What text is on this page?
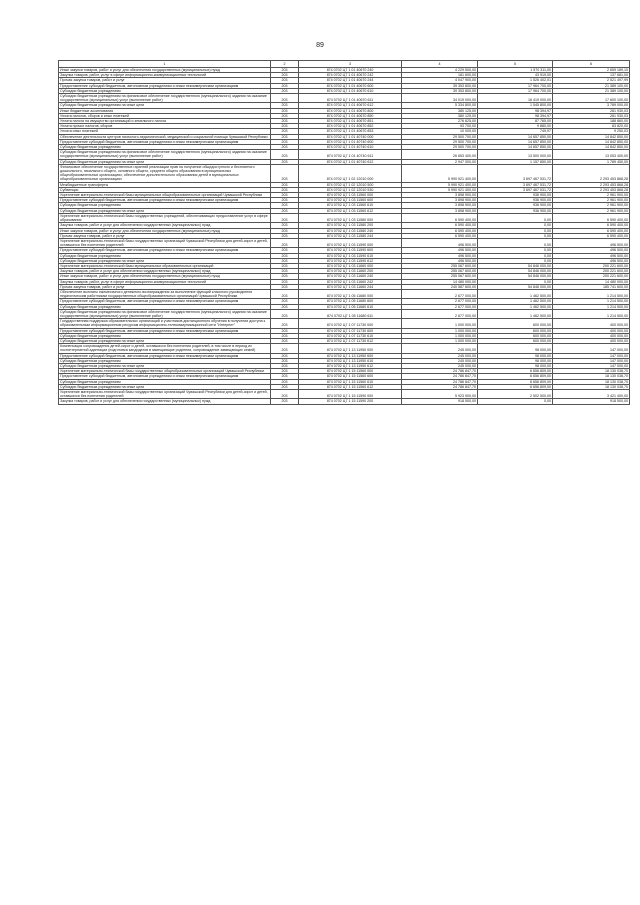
89
1	2	3	4	5	6
Иные закупки товаров, работ и услуг для обеспечения государственных (муниципальных) нужд	203	874 0702 Ц7 1 01 40670 240	4 229 500,00	1 570 311,00	2 659 189,10
Закупка товаров, работ, услуг в сфере информационно-коммуникационных технологий	203	874 0702 Ц7 1 01 40670 242	181 600,00	43 919,00	137 681,00
Прочая закупка товаров, работ и услуг	203	874 0702 Ц7 1 01 40670 244	4 047 900,00	1 526 402,01	2 521 497,99
Предоставление субсидий бюджетным, автономным учреждениям и иным некоммерческим организациям	203	874 0702 Ц7 1 01 40670 600	39 353 800,00	17 964 700,00	21 389 100,00
Субсидии бюджетным учреждениям	203	874 0702 Ц7 1 01 40670 610	39 353 800,00	17 964 700,00	21 389 100,00
Субсидии бюджетным учреждениям на финансовое обеспечение государственного (муниципального) задания на оказание государственных (муниципальных) услуг (выполнение работ)	203	874 0702 Ц7 1 01 40670 611	34 019 000,00	16 419 000,00	17 600 100,00
Субсидии бюджетным учреждениям на иные цели	203	874 0702 Ц7 1 01 40670 612	5 334 800,00	1 545 800,00	3 789 000,00
Иные бюджетные ассигнования	203	874 0702 Ц7 1 01 40670 800	380 125,00	98 394,97	281 930,03
Уплата налогов, сборов и иных платежей	203	874 0702 Ц7 1 01 40670 850	380 125,00	98 394,97	281 930,03
Уплата налога на имущество организаций и земельного налога	203	874 0702 Ц7 1 01 40670 851	276 625,00	87 765,00	188 860,00
Уплата прочих налогов, сборов	203	874 0702 Ц7 1 01 40670 852	93 700,00	9 880,00	83 820,00
Уплата иных платежей	203	874 0702 Ц7 1 01 40670 853	10 000,00	749,97	9 250,03
Обеспечение деятельности центров психолого-педагогической, медицинской и социальной помощи Чувашской Республики	203	874 0702 Ц7 1 01 40740 000	29 500 700,00	14 657 850,00	14 842 850,00
Предоставление субсидий бюджетным, автономным учреждениям и иным некоммерческим организациям	203	874 0702 Ц7 1 01 40740 600	29 500 700,00	14 657 850,00	14 842 850,00
Субсидии бюджетным учреждениям	203	874 0702 Ц7 1 01 40740 610	29 500 700,00	14 657 850,00	14 842 850,00
Субсидии бюджетным учреждениям на финансовое обеспечение государственного (муниципального) задания на оказание государственных (муниципальных) услуг (выполнение работ)	203	874 0702 Ц7 1 01 40740 611	26 653 400,00	13 500 000,00	13 053 400,00
Субсидии бюджетным учреждениям на иные цели	203	874 0702 Ц7 1 01 40740 612	2 947 300,00	1 157 850,00	1 789 450,00
Финансовое обеспечение государственных гарантий реализации прав на получение общедоступного и бесплатного дошкольного, начального общего, основного общего, среднего общего образования в муниципальных общеобразовательных организациях, обеспечение дополнительного образования детей в муниципальных общеобразовательных организациях	203	874 0702 Ц7 1 02 12010 000	5 990 921 400,00	3 697 467 531,72	2 293 453 868,28
Межбюджетные трансферты	203	874 0702 Ц7 1 02 12010 500	5 990 921 400,00	3 697 467 531,72	2 293 453 868,28
Субвенции	203	874 0702 Ц7 1 02 12010 530	5 990 921 400,00	3 697 467 531,72	2 293 453 868,28
Укрепление материально-технической базы муниципальных общеобразовательных организаций Чувашской Республики	203	874 0702 Ц7 1 03 11560 000	3 898 900,00	936 900,00	2 961 900,00
Предоставление субсидий бюджетным, автономным учреждениям и иным некоммерческим организациям	203	874 0702 Ц7 1 03 11560 600	3 898 900,00	936 900,00	2 961 900,00
Субсидии бюджетным учреждениям	203	874 0702 Ц7 1 03 11560 610	3 898 900,00	936 900,00	2 961 900,00
Субсидии бюджетным учреждениям на иные цели	203	874 0702 Ц7 1 03 11560 612	3 898 900,00	936 900,00	2 961 900,00
Укрепление материально-технической базы государственных учреждений, обеспечивающих предоставление услуг в сфере образования	203	874 0702 Ц7 1 03 11580 000	6 590 400,00	0,00	6 590 400,00
Закупка товаров, работ и услуг для обеспечения государственных (муниципальных) нужд	203	874 0702 Ц7 1 03 11580 200	6 590 400,00	0,00	6 590 400,00
Иные закупки товаров, работ и услуг для обеспечения государственных (муниципальных) нужд	203	874 0702 Ц7 1 03 11580 240	6 590 400,00	0,00	6 590 400,00
Прочая закупка товаров, работ и услуг	203	874 0702 Ц7 1 03 11580 244	6 590 400,00	0,00	6 590 400,00
Укрепление материально-технической базы государственных организаций Чувашской Республики для детей-сирот и детей, оставшихся без попечения родителей	203	874 0702 Ц7 1 03 11590 000	496 500,00	0,00	496 500,00
Предоставление субсидий бюджетным, автономным учреждениям и иным некоммерческим организациям	203	874 0702 Ц7 1 03 11590 600	496 500,00	0,00	496 500,00
Субсидии бюджетным учреждениям	203	874 0702 Ц7 1 03 11590 610	496 500,00	0,00	496 500,00
Субсидии бюджетным учреждениям на иные цели	203	874 0702 Ц7 1 03 11590 612	496 500,00	0,00	496 500,00
Укрепление материально-технической базы муниципальных образовательных организаций	203	874 0702 Ц7 1 03 11660 000	255 067 600,00	54 846 000,00	200 221 600,00
Закупка товаров, работ и услуг для обеспечения государственных (муниципальных) нужд	203	874 0702 Ц7 1 03 11660 200	255 067 600,00	54 846 000,00	200 221 600,00
Иные закупки товаров, работ и услуг для обеспечения государственных (муниципальных) нужд	203	874 0702 Ц7 1 03 11660 240	255 067 600,00	54 846 000,00	200 221 600,00
Закупка товаров, работ, услуг в сфере информационно-коммуникационных технологий	203	874 0702 Ц7 1 03 11660 242	14 480 000,00	0,00	14 480 000,00
Прочая закупка товаров, работ и услуг	203	874 0702 Ц7 1 03 11660 244	240 587 600,00	54 846 000,00	185 741 600,00
Обеспечение выплаты ежемесячного денежного вознаграждения за выполнение функций классного руководителя педагогическим работникам государственных общеобразовательных организаций Чувашской Республики	203	874 0702 Ц7 1 05 11680 000	2 677 000,00	1 462 500,00	1 214 500,00
Предоставление субсидий бюджетным, автономным учреждениям и иным некоммерческим организациям	203	874 0702 Ц7 1 05 11680 600	2 677 000,00	1 462 500,00	1 214 500,00
Субсидии бюджетным учреждениям	203	874 0702 Ц7 1 05 11680 610	2 677 000,00	1 462 500,00	1 214 500,00
Субсидии бюджетным учреждениям на финансовое обеспечение государственного (муниципального) задания на оказание государственных (муниципальных) услуг (выполнение работ)	203	874 0702 Ц7 1 05 11680 611	2 677 000,00	1 462 500,00	1 214 500,00
Государственная поддержка образовательных организаций и участников дистанционного обучения в получении доступа к образовательным информационным ресурсам информационно-телекоммуникационной сети "Интернет"	203	874 0702 Ц7 1 07 11730 000	1 000 000,00	600 000,00	400 000,00
Предоставление субсидий бюджетным, автономным учреждениям и иным некоммерческим организациям	203	874 0702 Ц7 1 07 11730 600	1 000 000,00	600 000,00	400 000,00
Субсидии бюджетным учреждениям	203	874 0702 Ц7 1 07 11730 610	1 000 000,00	600 000,00	400 000,00
Субсидии бюджетным учреждениям на иные цели	203	874 0702 Ц7 1 07 11730 612	1 000 000,00	600 000,00	400 000,00
Компенсация сопровождения детей-сирот и детей, оставшихся без попечения родителей, в том числе в период их постинтернатной адаптации (подготовка кандидатов в замещающие родители, сопровождение замещающих семей)	203	874 0702 Ц7 1 13 11950 000	245 000,00	98 000,00	147 000,00
Предоставление субсидий бюджетным, автономным учреждениям и иным некоммерческим организациям	203	874 0702 Ц7 1 13 11950 600	245 000,00	98 000,00	147 000,00
Субсидии бюджетным учреждениям	203	874 0702 Ц7 1 13 11950 610	245 000,00	98 000,00	147 000,00
Субсидии бюджетным учреждениям на иные цели	203	874 0702 Ц7 1 13 11950 612	245 000,00	98 000,00	147 000,00
Укрепление материально-технической базы государственных общеобразовательных организаций Чувашской Республики	203	874 0702 Ц7 1 15 11560 000	24 786 847,70	6 656 809,00	18 130 038,70
Предоставление субсидий бюджетным, автономным учреждениям и иным некоммерческим организациям	203	874 0702 Ц7 1 15 11560 600	24 786 847,70	6 656 809,00	18 130 038,70
Субсидии бюджетным учреждениям	203	874 0702 Ц7 1 15 11560 610	24 786 847,70	6 656 809,00	18 130 038,70
Субсидии бюджетным учреждениям на иные цели	203	874 0702 Ц7 1 15 11560 612	24 786 847,70	6 656 809,00	18 130 038,70
Укрепление материально-технической базы государственных организаций Чувашской Республики для детей-сирот и детей, оставшихся без попечения родителей	203	874 0702 Ц7 1 15 11590 000	5 923 900,00	2 502 500,00	3 421 400,00
Закупка товаров, работ и услуг для обеспечения государственных (муниципальных) нужд	203	874 0702 Ц7 1 15 11590 200	918 500,00	0,00	918 500,00
